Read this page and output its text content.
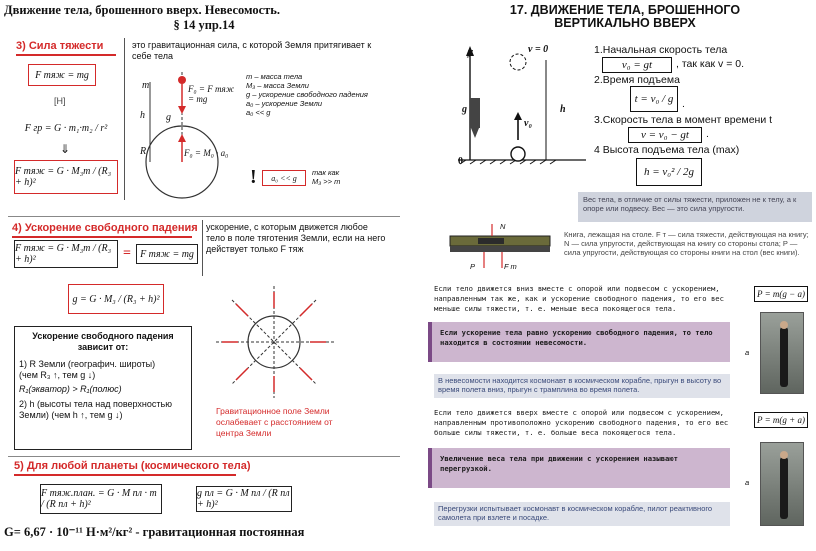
Движение тела, брошенного вверх. Невесомость.
§ 14 упр.14
3) Сила тяжести	это гравитационная сила, с которой Земля притягивает к себе тела
F тяж = mg
[Н]
F гр = G · m₁·m₂ / r²
⇓
F тяж = G · M₃m / (R₃ + h)²
m
h
R
g
F₀ = F тяж = mg
F₀ = M₀ · a₀
m – масса тела
M₃ – масса Земли
g – ускорение свободного падения
a₀ – ускорение Земли
a₀ << g
! a₀ << g
так как
M₃ >> m
4) Ускорение свободного падения ускорение, с которым движется любое тело в поле тяготения Земли, если на него действует только F тяж
F тяж = G · M₃m / (R₃ + h)²	= F тяж = mg
g = G · M₃ / (R₃ + h)²
Ускорение свободного падения зависит от:
1) R Земли (географич. широты)
(чем R₃ ↑, тем g ↓)
R₁(экватор) > R₁(полюс)
2) h (высоты тела над поверхностью
Земли) (чем h ↑, тем g ↓)	Гравитационное поле Земли ослабевает с расстоянием от центра Земли
5) Для любой планеты (космического тела)
F тяж.план. = G · M пл · m / (R пл + h)²
g пл = G · M пл / (R пл + h)²
G= 6,67 · 10⁻¹¹ Н·м²/кг² - гравитационная постоянная
17. ДВИЖЕНИЕ ТЕЛА, БРОШЕННОГО
ВЕРТИКАЛЬНО ВВЕРХ
y	v = 0
g	h
v₀
0
1.Начальная скорость тела
v₀ = gt , так как v = 0.
2.Время подъема
t = v₀ / g .
3.Скорость тела в момент времени t
v = v₀ − gt .
4 Высота подъема тела (max)
h = v₀² / 2g
Вес тела, в отличие от силы тяжести, приложен не к телу, а к опоре или подвесу. Вес — это сила упругости.
N
P	F т
Книга, лежащая на столе. F т — сила тяжести, действующая на книгу; N — сила упругости, действующая на книгу со стороны стола; P — сила упругости, действующая со стороны книги на стол (вес книги).
Если тело движется вниз вместе с опорой или подвесом с ускорением, направленным так же, как и ускорение свободного падения, то его вес меньше силы тяжести, т. е. меньше веса покоящегося тела.
P = m(g − a)
Если ускорение тела равно ускорению свободного падения, то тело находится в состоянии невесомости.
В невесомости находится космонавт в космическом корабле, прыгун в высоту во время полета вниз, прыгун с трамплина во время полета.
Если тело движется вверх вместе с опорой или подвесом с ускорением, направленным противоположно ускорению свободного падения, то его вес больше силы тяжести, т. е. больше веса покоящегося тела.
P = m(g + a)
Увеличение веса тела при движении с ускорением называют перегрузкой.
Перегрузки испытывает космонавт в космическом корабле, пилот реактивного самолета при взлете и посадке.
a
a
